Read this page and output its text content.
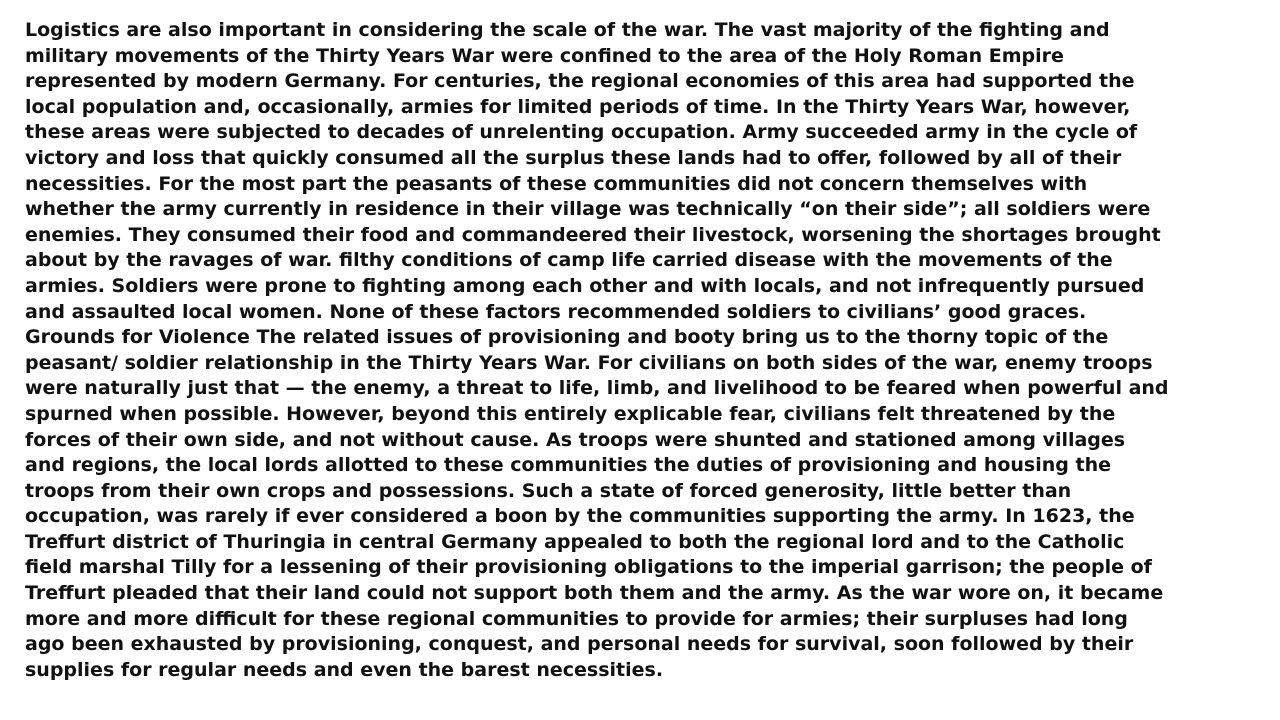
Logistics are also important in considering the scale of the war. The vast majority of the fighting and

military movements of the Thirty Years War were confined to the area of the Holy Roman Empire

represented by modern Germany. For centuries, the regional economies of this area had supported the

local population and, occasionally, armies for limited periods of time. In the Thirty Years War, however,

these areas were subjected to decades of unrelenting occupation. Army succeeded army in the cycle of

victory and loss that quickly consumed all the surplus these lands had to offer, followed by all of their

necessities. For the most part the peasants of these communities did not concern themselves with

whether the army currently in residence in their village was technically “on their side”; all soldiers were

enemies. They consumed their food and commandeered their livestock, worsening the shortages brought

about by the ravages of war. filthy conditions of camp life carried disease with the movements of the

armies. Soldiers were prone to fighting among each other and with locals, and not infrequently pursued

and assaulted local women. None of these factors recommended soldiers to civilians’ good graces.

Grounds for Violence The related issues of provisioning and booty bring us to the thorny topic of the

peasant/ soldier relationship in the Thirty Years War. For civilians on both sides of the war, enemy troops

were naturally just that — the enemy, a threat to life, limb, and livelihood to be feared when powerful and

spurned when possible. However, beyond this entirely explicable fear, civilians felt threatened by the

forces of their own side, and not without cause. As troops were shunted and stationed among villages

and regions, the local lords allotted to these communities the duties of provisioning and housing the

troops from their own crops and possessions. Such a state of forced generosity, little better than

occupation, was rarely if ever considered a boon by the communities supporting the army. In 1623, the

Treffurt district of Thuringia in central Germany appealed to both the regional lord and to the Catholic

field marshal Tilly for a lessening of their provisioning obligations to the imperial garrison; the people of

Treffurt pleaded that their land could not support both them and the army. As the war wore on, it became

more and more difficult for these regional communities to provide for armies; their surpluses had long

ago been exhausted by provisioning, conquest, and personal needs for survival, soon followed by their

supplies for regular needs and even the barest necessities.
